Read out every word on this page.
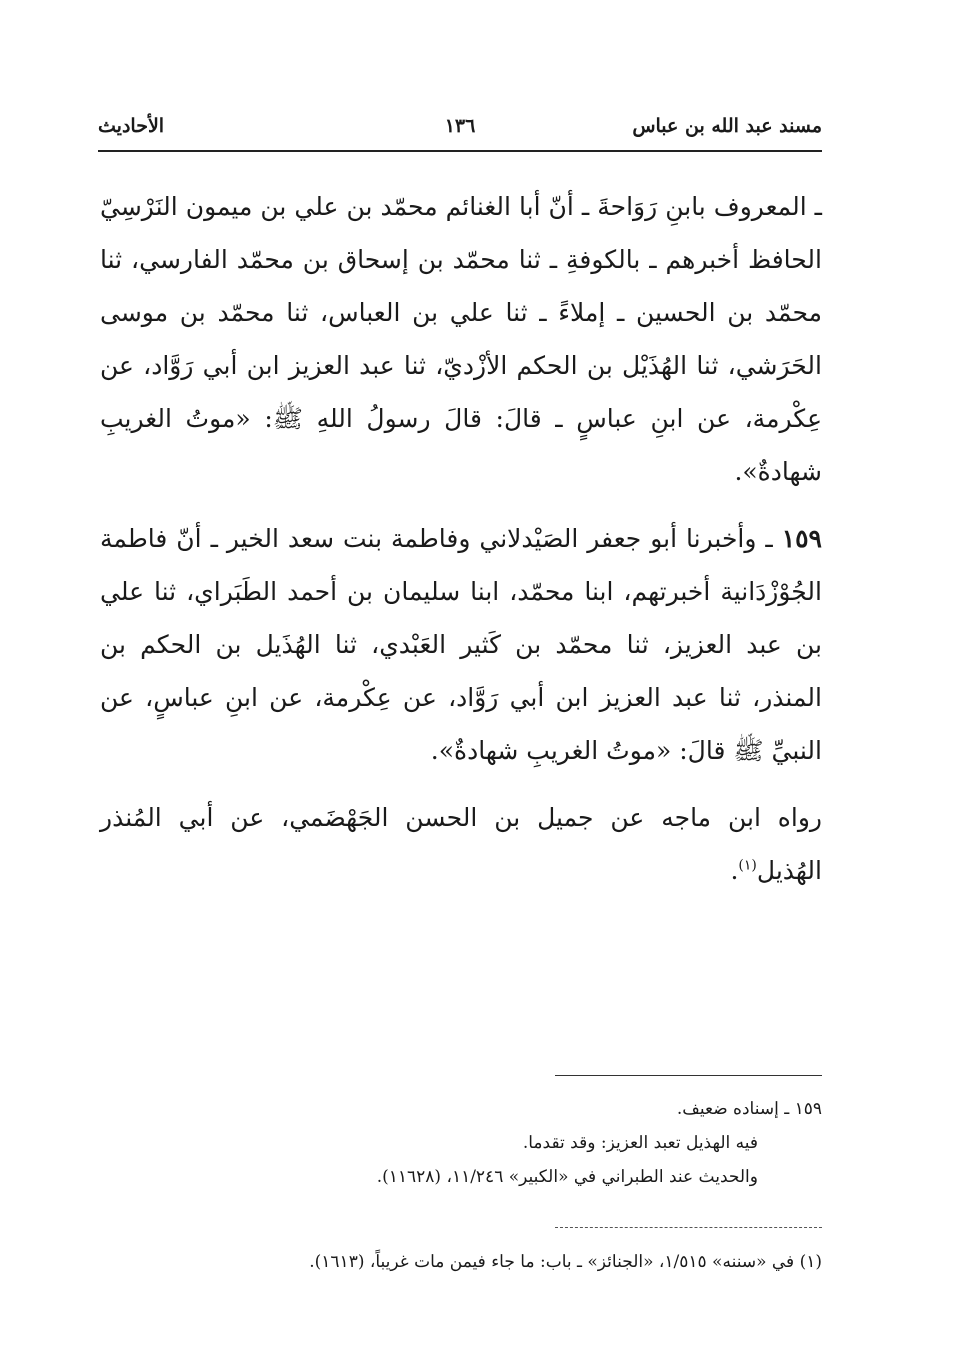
مسند عبد الله بن عباس
١٣٦
الأحاديث

ـ المعروف بابنِ رَوَاحةَ ـ أنّ أبا الغنائم محمّد بن علي بن ميمون النَرْسِيّ الحافظ أخبرهم ـ بالكوفةِ ـ ثنا محمّد بن إسحاق بن محمّد الفارسي، ثنا محمّد بن الحسين ـ إملاءً ـ ثنا علي بن العباس، ثنا محمّد بن موسى الحَرَشي، ثنا الهُذَيْل بن الحكم الأزْديّ، ثنا عبد العزيز ابن أبي رَوَّاد، عن عِكْرمة، عن ابنِ عباسٍ ـ قالَ: قالَ رسولُ اللهِ ﷺ: «موتُ الغريبِ شهادةٌ».

١٥٩ ـ وأخبرنا أبو جعفر الصَيْدلاني وفاطمة بنت سعد الخير ـ أنّ فاطمة الجُوْزْدَانية أخبرتهم، ابنا محمّد، ابنا سليمان بن أحمد الطَبَراي، ثنا علي بن عبد العزيز، ثنا محمّد بن كَثير العَبْدي، ثنا الهُذَيل بن الحكم بن المنذر، ثنا عبد العزيز ابن أبي رَوَّاد، عن عِكْرمة، عن ابنِ عباسٍ، عن النبيِّ ﷺ قالَ: «موتُ الغريبِ شهادةٌ».

رواه ابن ماجه عن جميل بن الحسن الجَهْضَمي، عن أبي المُنذر الهُذيل$^{(١)}$.

١٥٩ ـ إسناده ضعيف.
فيه الهذيل تعبد العزيز: وقد تقدما.
والحديث عند الطبراني في «الكبير» ١١/٢٤٦، (١١٦٢٨).
(١) في «سننه» ١/٥١٥، «الجنائز» ـ باب: ما جاء فيمن مات غريباً، (١٦١٣).
